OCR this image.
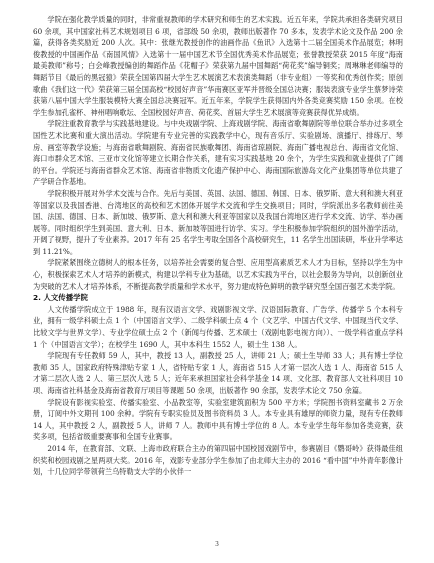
学院在强化教学质量的同时，非常重视教师的学术研究和师生的艺术实践。近五年来，学院共承担各类研究项目 60 余项，其中国家社科艺术规划项目 6 项，省部级 50 余项，教师出版著作 70 多本，发表学术论文及作品 200 余篇，获得各类奖励近 200 人次。其中：张继光教授创作的油画作品《鱼讯》入选第十二届全国美术作品展览；林明俊教授的中国画作品《南国风情》入选第十一届中国艺术节全国优秀美术作品展览；张誉教授荣获 2015 年度“海南最美教师”称号；白会峰教授编创的舞蹈作品《花帽子》荣获第九届中国舞蹈“荷花奖”编导铜奖；周琳琳老师编导的舞蹈节目《最后的黑冠猿》荣获全国第四届大学生艺术展演艺术表演类舞蹈（非专业组）一等奖和优秀创作奖；原创歌曲《我们这一代》荣获第三届全国高校“校园好声音”华南赛区亚军并晋级全国总决赛；服装表演专业学生蔡梦诗荣获第八届中国大学生服装模特大赛全国总决赛冠军。近五年来，学院学生获得国内外各类竞赛奖励 150 余项。在校学生参加孔雀杯、神州唱响歌坛、全国校园好声音、荷花奖、首届大学生艺术展演等竞赛获得优异成绩。

学院注重教育教学与实践基地建设。与中央戏剧学院、上海戏剧学院、海南省歌舞剧院等单位联合举办过多项全国性艺术比赛和重大演出活动。学院建有专业完善的实践教学中心，现有音乐厅、实验剧场、演播厅、排练厅、琴房、画室等教学设施；与海南省歌舞剧院、海南省民族歌舞团、海南省琼剧院、海南广播电视总台、海南省文化馆、海口市群众艺术馆、三亚市文化馆等建立长期合作关系，建有实习实践基地 20 余个，为学生实践和就业提供了广阔的平台。学院还与海南省群众艺术馆、海南省非物质文化遗产保护中心、海南国际旅游岛文化产业集团等单位共建了产学研合作基地。

学院积极开展对外学术交流与合作。先后与美国、英国、法国、德国、韩国、日本、俄罗斯、意大利和澳大利亚等国家以及我国香港、台湾地区的高校和艺术团体开展学术交流和学生交换项目；同时，学院派出多名教师前往美国、法国、德国、日本、新加坡、俄罗斯、意大利和澳大利亚等国家以及我国台湾地区进行学术交流、访学、举办画展等。同时组织学生到美国、意大利、日本、新加坡等国进行访学、实习。学生积极参加学院组织的国外游学活动，开阔了视野，提升了专业素养。2017 年有 25 名学生考取全国各个高校研究生，11 名学生出国读研，毕业升学率达到 11.21%。

学院紧紧围绕立德树人的根本任务，以培养社会需要的复合型、应用型高素质艺术人才为目标，坚持以学生为中心，积极探索艺术人才培养的新模式，构建以学科专业为基础，以艺术实践为平台，以社会服务为导向，以创新创业为突破的艺术人才培养体系，不断提高教学质量和学术水平，努力建成特色鲜明的教学研究型全国百强艺术类学院。

2. 人文传播学院

人文传播学院成立于 1988 年，现有汉语言文学、戏剧影视文学、汉语国际教育、广告学、传播学 5 个本科专业，拥有一级学科硕士点 1 个（中国语言文学）、二级学科硕士点 4 个（文艺学、中国古代文学、中国现当代文学、比较文学与世界文学）、专业学位硕士点 2 个（新闻与传播、艺术硕士（戏剧电影电视方向））、一级学科省重点学科 1 个（中国语言文学）；在校学生 1690 人，其中本科生 1552 人，硕士生 138 人。

学院现有专任教师 59 人，其中，教授 13 人，副教授 25 人，讲师 21 人；硕士生导师 33 人；具有博士学位教师 35 人，国家政府特殊津贴专家 1 人，省特贴专家 1 人，海南省 515 人才第一层次人选 1 人、海南省 515 人才第二层次人选 2 人、第三层次人选 5 人；近年来承担国家社会科学基金 14 项、文化部、教育部人文社科项目 10 项、海南省社科基金及海南省教育厅项目等课题 50 余项，出版著作 90 余部，发表学术论文 750 余篇。

学院设有影视实验室、传播实验室、小品教室等，实验室建筑面积为 500 平方米；学院图书资料室藏书 2 万余册，订阅中外文期刊 100 余种。学院有专职实验员及图书资料员 3 人。本专业具有雄厚的师资力量，现有专任教师 14 人，其中教授 2 人，副教授 5 人，讲师 7 人。教师中具有博士学位的 8 人。本专业学生每年参加各类竞赛，获奖多项，包括省级重要赛事和全国专业赛事。

2014 年，在教育部、文联、上海市政府联合主办的第四届中国校园戏剧节中，参赛剧目《鹦哥岭》获得最佳组织奖和校园戏剧之星两项大奖。2016 年，戏影专业部分学生参加了由北师大主办的 2016 “看中国”中外青年影像计划，十几位同学带领荷兰乌特勒支大学的小伙伴一

3
